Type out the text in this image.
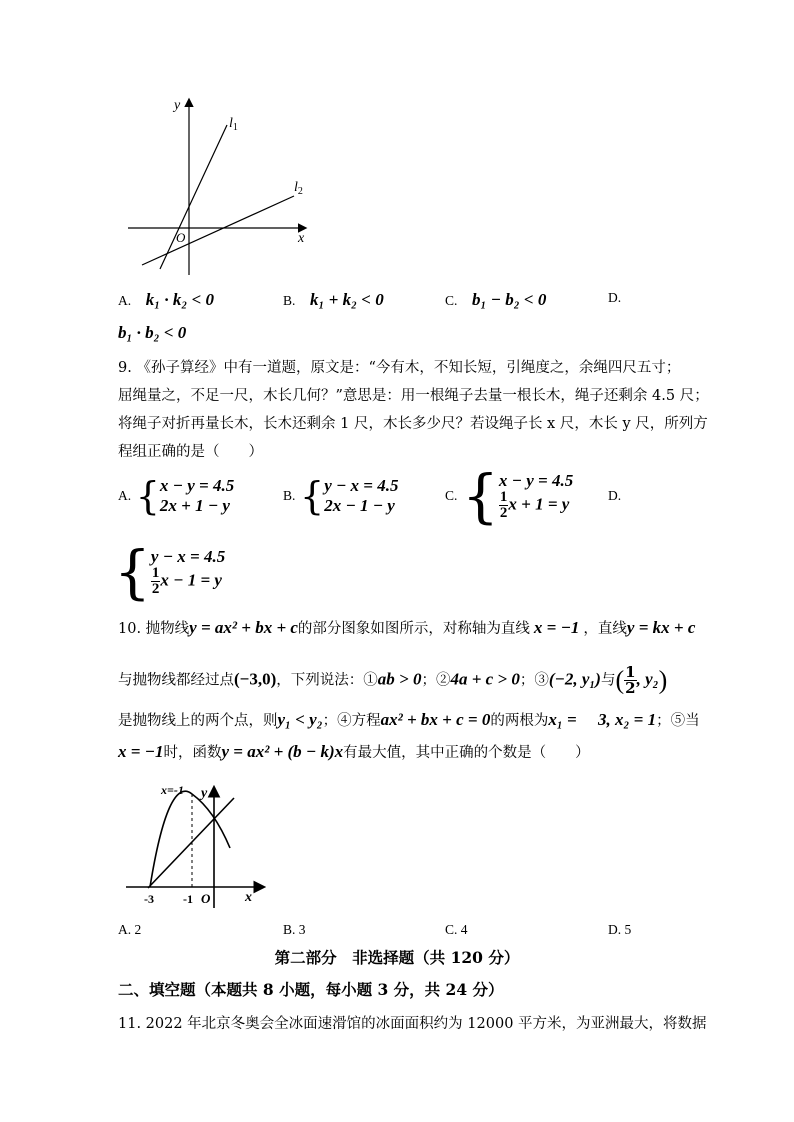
y
x
O
$l_1$
$l_2$
A. k₁ · k₂ < 0	B. k₁ + k₂ < 0	C. b₁ − b₂ < 0	D.
b₁ · b₂ < 0
9. 《孙子算经》中有一道题，原文是：“今有木，不知长短，引绳度之，余绳四尺五寸；
屈绳量之，不足一尺，木长几何？”意思是：用一根绳子去量一根长木，绳子还剩余 4.5 尺；
将绳子对折再量长木，长木还剩余 1 尺，木长多少尺？若设绳子长 x 尺，木长 y 尺，所列方
程组正确的是（　　）
A. {x − y = 4.5
2x + 1 − y
B. {y − x = 4.5
2x − 1 − y
C. {x − y = 4.5

$\frac{1}{2}$ x + 1 = y	D.
{y − x = 4.5

$\frac{1}{2}$ x − 1 = y
10. 抛物线y = ax² + bx + c的部分图象如图所示，对称轴为直线 x = −1 ，直线y = kx + c
与抛物线都经过点(−3,0)，下列说法：①ab > 0；②4a + c > 0；③(−2, y₁)与( $\frac{1}{2}$ , y₂)
是抛物线上的两个点，则y₁ < y₂；④方程ax² + bx + c = 0的两根为x₁ = 　3, x₂ = 1；⑤当
x = −1时，函数y = ax² + (b − k)x有最大值，其中正确的个数是（　　）
x=-1 y
x
-3 -1 O
A. 2	B. 3	C. 4	D. 5
第二部分　非选择题（共 120 分）
二、填空题（本题共 8 小题，每小题 3 分，共 24 分）
11. 2022 年北京冬奥会全冰面速滑馆的冰面面积约为 12000 平方米，为亚洲最大，将数据
